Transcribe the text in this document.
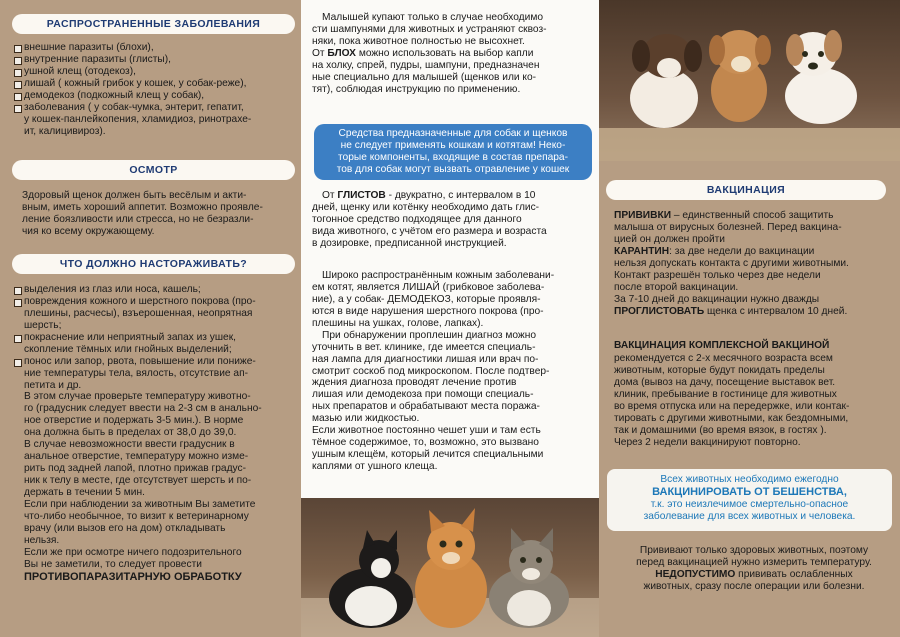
РАСПРОСТРАНЕННЫЕ ЗАБОЛЕВАНИЯ
внешние паразиты (блохи),
внутренние паразиты (глисты),
ушной клещ (отодекоз),
лишай ( кожный грибок у кошек, у собак-реже),
демодекоз (подкожный клещ у собак),
заболевания ( у собак-чумка, энтерит, гепатит,
у кошек-панлейкопения, хламидиоз, ринотрахе-
ит, калицивироз).
ОСМОТР
Здоровый щенок должен быть весёлым и акти-
вным, иметь хороший аппетит. Возможно проявле-
ление боязливости или стресса, но не безразли-
чия ко всему окружающему.
ЧТО ДОЛЖНО НАСТОРАЖИВАТЬ?
выделения из глаз или носа, кашель;
повреждения кожного и шерстного покрова (про-
плешины, расчесы), взъерошенная, неопрятная
шерсть;
покраснение или неприятный запах из ушек,
скопление тёмных или гнойных выделений;
понос или запор, рвота, повышение или пониже-
ние температуры тела, вялость, отсутствие ап-
петита и др.
В этом случае проверьте температуру животно-
го (градусник следует ввести на 2-3 см в анально-
ное отверстие и подержать 3-5 мин.). В норме
она должна быть в пределах от 38,0 до 39,0.
В случае невозможности ввести градусник в
анальное отверстие, температуру можно изме-
рить под задней лапой, плотно прижав градус-
ник к телу в месте, где отсутствует шерсть и по-
держать в течении 5 мин.
Если при наблюдении за животным Вы заметите
что-либо необычное, то визит к ветеринарному
врачу (или вызов его на дом) откладывать
нельзя.
Если же при осмотре ничего подозрительного
Вы не заметили, то следует провести
ПРОТИВОПАРАЗИТАРНУЮ ОБРАБОТКУ
Малышей купают только в случае необходимо
сти шампунями для животных и устраняют сквоз-
няки, пока животное полностью не высохнет.
От БЛОХ можно использовать на выбор капли
на холку, спрей, пудры, шампуни, предназначен
ные специально для малышей (щенков или ко-
тят), соблюдая инструкцию по применению.
Средства предназначенные для собак и щенков
не следует применять кошкам и котятам! Неко-
торые компоненты, входящие в состав препара-
тов для собак могут вызвать отравление у кошек
От ГЛИСТОВ - двукратно, с интервалом в 10
дней, щенку или котёнку необходимо дать глис-
тогонное средство подходящее для данного
вида животного, с учётом его размера и возраста
в дозировке, предписанной инструкцией.
Широко распространённым кожным заболевани-
ем котят, является ЛИШАЙ (грибковое заболева-
ние), а у собак- ДЕМОДЕКОЗ, которые проявля-
ются в виде нарушения шерстного покрова (про-
плешины на ушках, голове, лапках).
При обнаружении проплешин диагноз можно
уточнить в вет. клинике, где имеется специаль-
ная лампа для диагностики лишая или врач по-
смотрит соскоб под микроскопом. После подтвер-
ждения диагноза проводят лечение против
лишая или демодекоза при помощи специаль-
ных препаратов и обрабатывают места поража-
мазью или жидкостью.
Если животное постоянно чешет уши и там есть
тёмное содержимое, то, возможно, это вызвано
ушным клещём, который лечится специальными
каплями от ушного клеща.
ВАКЦИНАЦИЯ
ПРИВИВКИ – единственный способ защитить
малыша от вирусных болезней. Перед вакцина-
цией он должен пройти
КАРАНТИН: за две недели до вакцинации
нельзя допускать контакта с другими животными.
Контакт разрешён только через две недели
после второй вакцинации.
За 7-10 дней до вакцинации нужно дважды
ПРОГЛИСТОВАТЬ щенка с интервалом 10 дней.
ВАКЦИНАЦИЯ КОМПЛЕКСНОЙ ВАКЦИНОЙ
рекомендуется с 2-х месячного возраста всем
животным, которые будут покидать пределы
дома (вывоз на дачу, посещение выставок вет.
клиник, пребывание в гостинице для животных
во время отпуска или на передержке, или контак-
тировать с другими животными, как бездомными,
так и домашними (во время вязок, в гостях ).
Через 2 недели вакцинируют повторно.
Всех животных необходимо ежегодно
ВАКЦИНИРОВАТЬ ОТ БЕШЕНСТВА,
т.к. это неизлечимое смертельно-опасное
заболевание для всех животных и человека.
Прививают только здоровых животных, поэтому
перед вакцинацией нужно измерить температуру.
НЕДОПУСТИМО прививать ослабленных
животных, сразу после операции или болезни.
